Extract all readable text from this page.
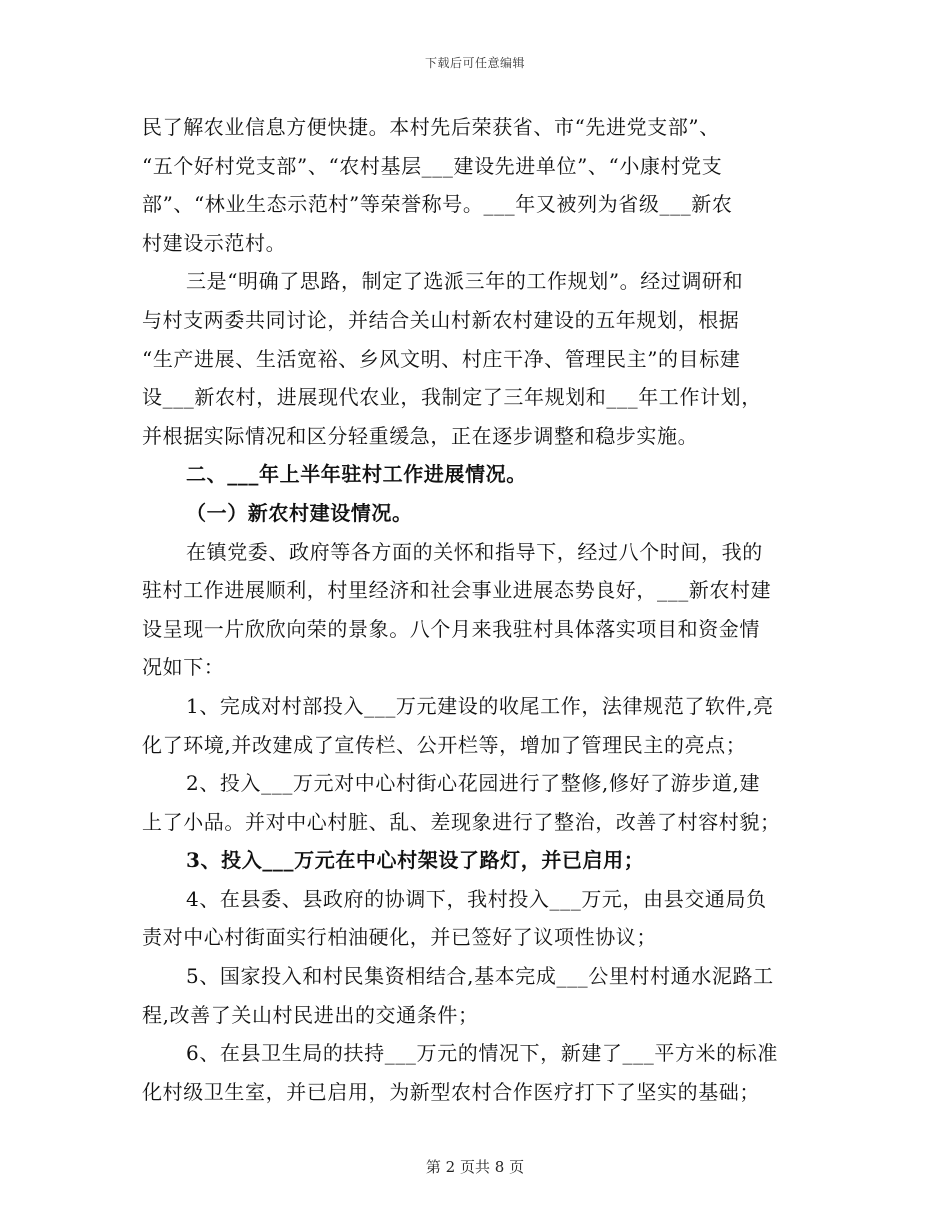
下载后可任意编辑
民了解农业信息方便快捷。本村先后荣获省、市“先进党支部”、
“五个好村党支部”、“农村基层___建设先进单位”、“小康村党支
部”、“林业生态示范村”等荣誉称号。___年又被列为省级___新农
村建设示范村。
三是“明确了思路，制定了选派三年的工作规划”。经过调研和
与村支两委共同讨论，并结合关山村新农村建设的五年规划，根据
“生产进展、生活宽裕、乡风文明、村庄干净、管理民主”的目标建
设___新农村，进展现代农业，我制定了三年规划和___年工作计划，
并根据实际情况和区分轻重缓急，正在逐步调整和稳步实施。
二、___年上半年驻村工作进展情况。
（一）新农村建设情况。
在镇党委、政府等各方面的关怀和指导下，经过八个时间，我的
驻村工作进展顺利，村里经济和社会事业进展态势良好，___新农村建
设呈现一片欣欣向荣的景象。八个月来我驻村具体落实项目和资金情
况如下：
1、完成对村部投入___万元建设的收尾工作，法律规范了软件,亮
化了环境,并改建成了宣传栏、公开栏等，增加了管理民主的亮点；
2、投入___万元对中心村街心花园进行了整修,修好了游步道,建
上了小品。并对中心村脏、乱、差现象进行了整治，改善了村容村貌；
3、投入___万元在中心村架设了路灯，并已启用；
4、在县委、县政府的协调下，我村投入___万元，由县交通局负
责对中心村街面实行柏油硬化，并已签好了议项性协议；
5、国家投入和村民集资相结合,基本完成___公里村村通水泥路工
程,改善了关山村民进出的交通条件；
6、在县卫生局的扶持___万元的情况下，新建了___平方米的标准
化村级卫生室，并已启用，为新型农村合作医疗打下了坚实的基础；
第 2 页共 8 页
